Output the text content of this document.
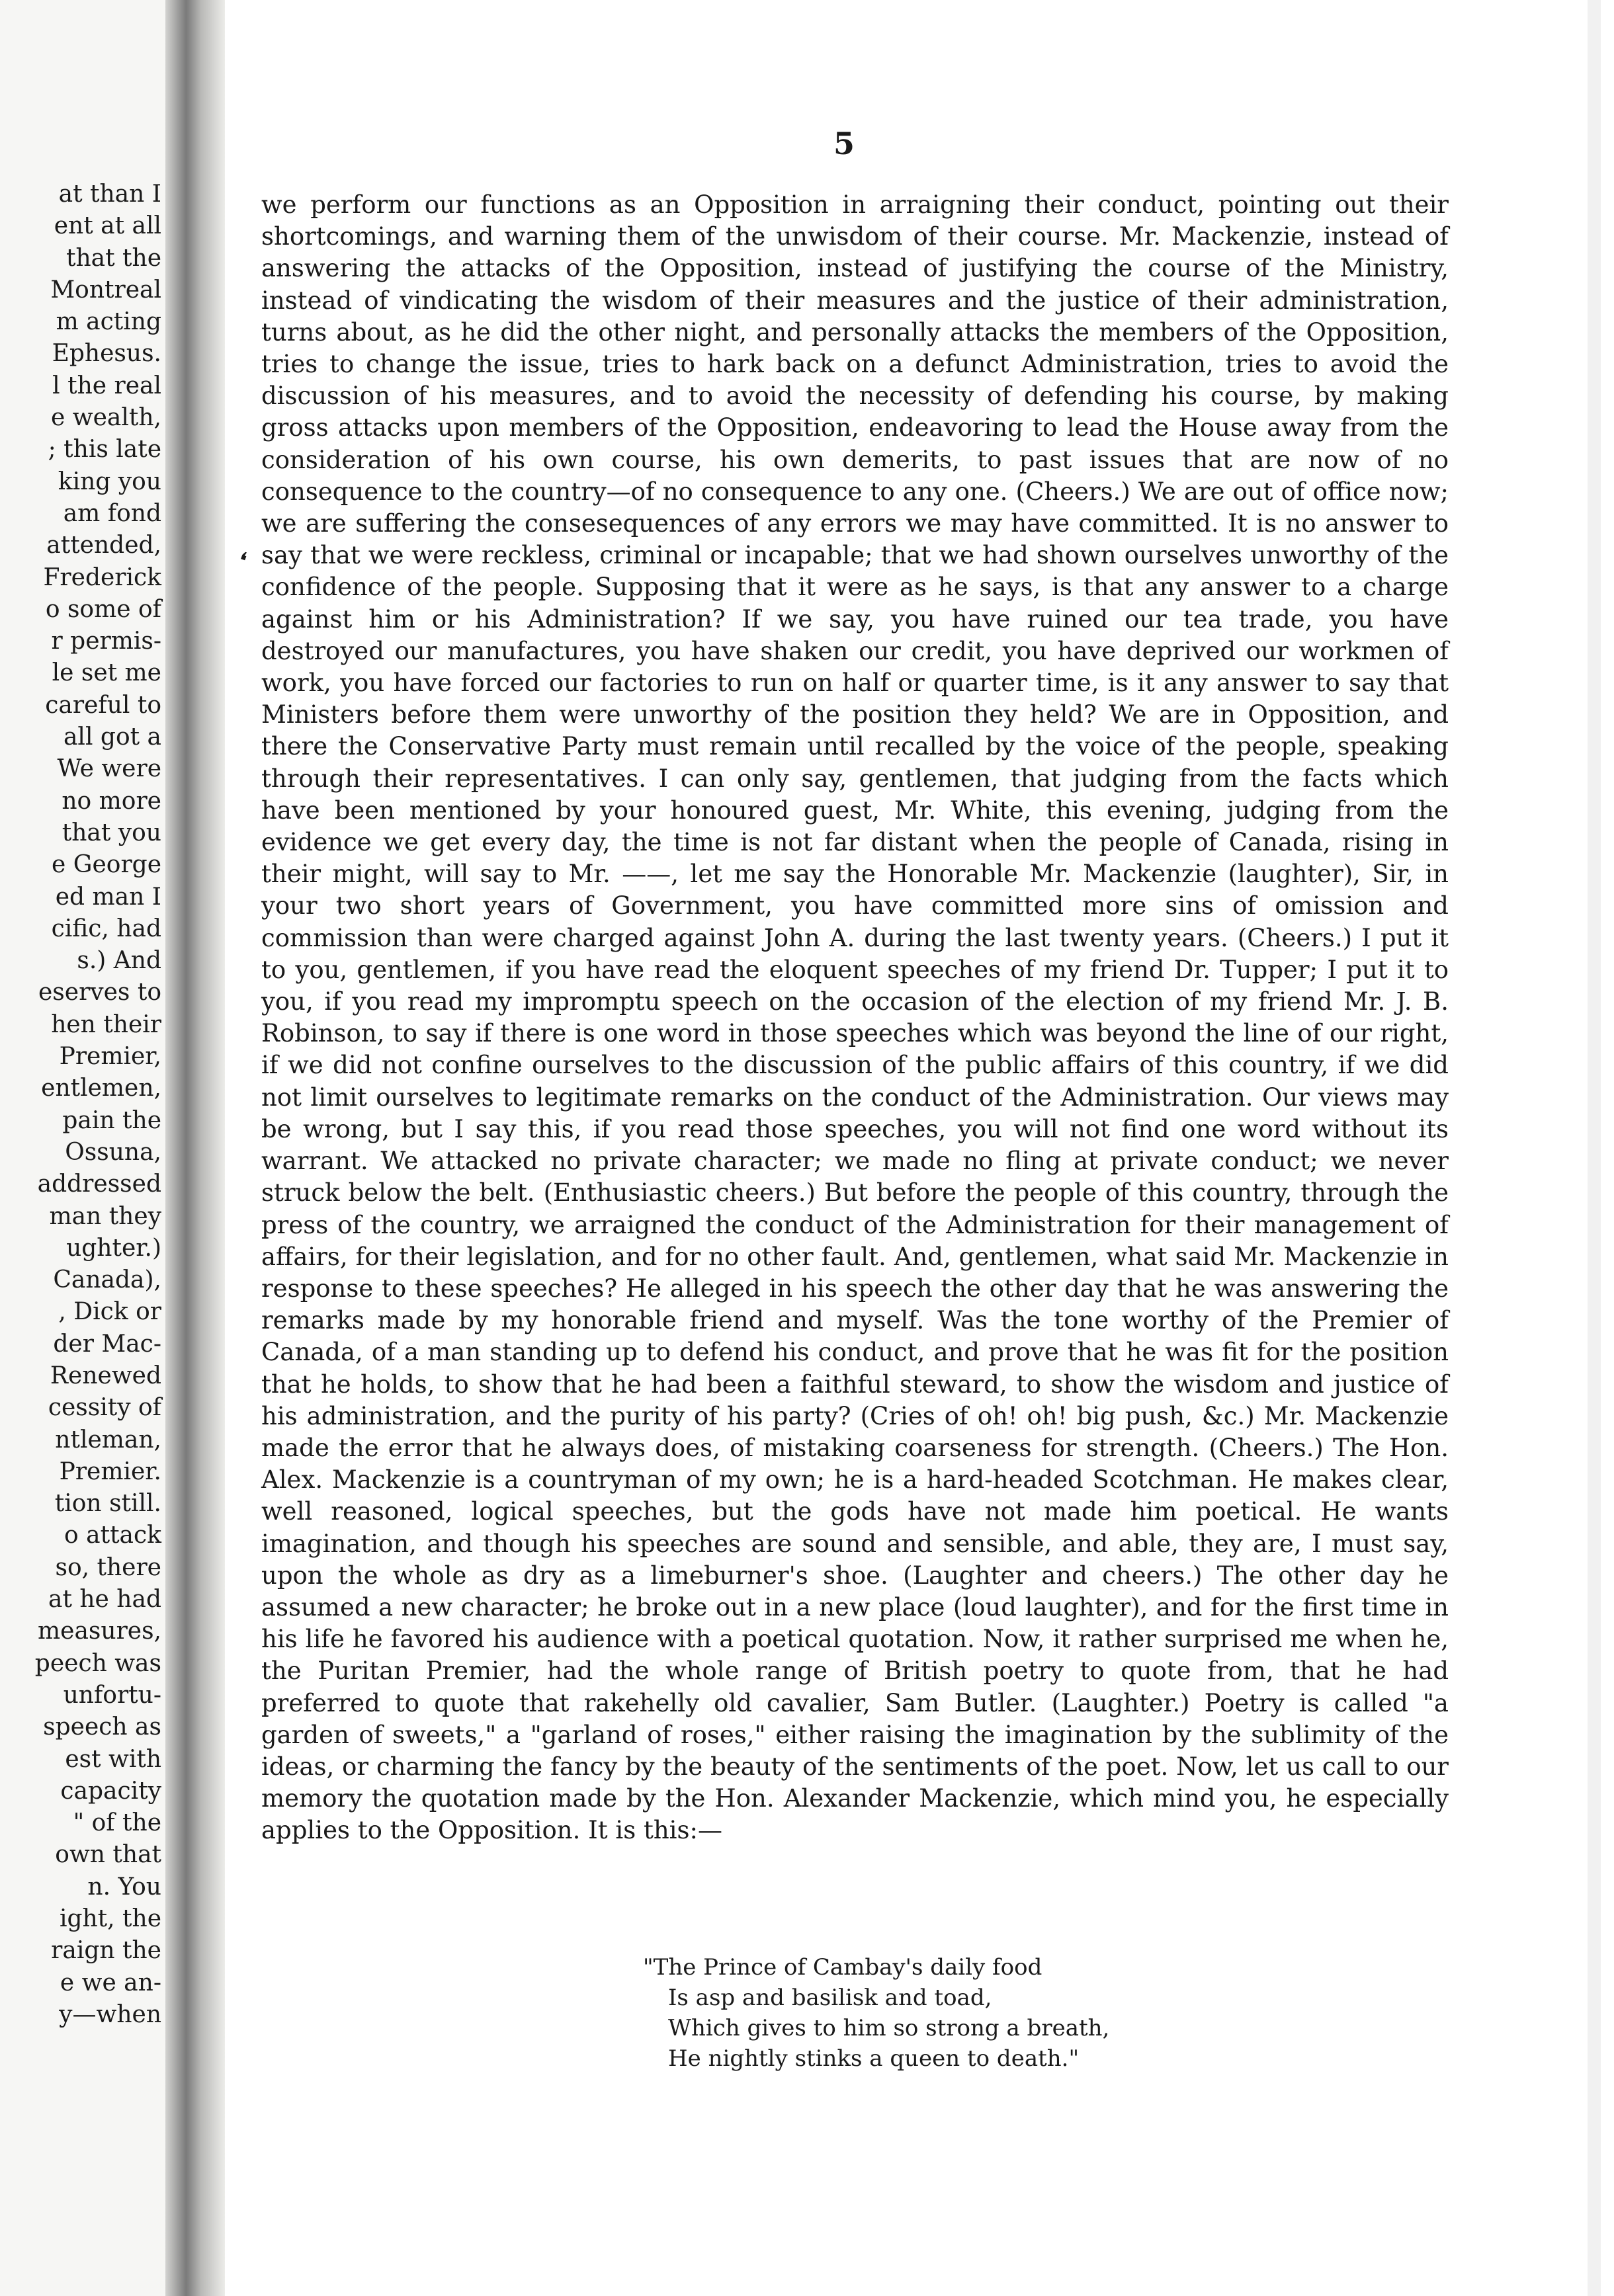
at than I
ent at all
that the
Montreal
m acting
Ephesus.
l the real
e wealth,
; this late
king you
am fond
attended,
Frederick
o some of
r permis-
le set me
careful to
all got a
We were
no more
that you
e George
ed man I
cific, had
s.) And
eserves to
hen their
Premier,
entlemen,
pain the
Ossuna,
addressed
man they
ughter.)
Canada),
, Dick or
der Mac-
Renewed
cessity of
ntleman,
Premier.
tion still.
o attack
so, there
at he had
measures,
peech was
unfortu-
speech as
est with
capacity
" of the
own that
n. You
ight, the
raign the
e we an-
y—when
5
❛

we perform our functions as an Opposition in arraigning their conduct, pointing out their shortcomings, and warning them of the unwisdom of their course. Mr. Mackenzie, instead of answering the attacks of the Opposition, instead of justifying the course of the Ministry, instead of vindicating the wisdom of their measures and the justice of their administration, turns about, as he did the other night, and personally attacks the members of the Opposition, tries to change the issue, tries to hark back on a defunct Administration, tries to avoid the discussion of his measures, and to avoid the necessity of defending his course, by making gross attacks upon members of the Opposition, endeavoring to lead the House away from the consideration of his own course, his own demerits, to past issues that are now of no consequence to the country—of no consequence to any one. (Cheers.) We are out of office now; we are suffering the consesequences of any errors we may have committed. It is no answer to say that we were reckless, criminal or incapable; that we had shown ourselves unworthy of the confidence of the people. Supposing that it were as he says, is that any answer to a charge against him or his Administration? If we say, you have ruined our tea trade, you have destroyed our manufactures, you have shaken our credit, you have deprived our workmen of work, you have forced our factories to run on half or quarter time, is it any answer to say that Ministers before them were unworthy of the position they held? We are in Opposition, and there the Conservative Party must remain until recalled by the voice of the people, speaking through their representatives. I can only say, gentlemen, that judging from the facts which have been mentioned by your honoured guest, Mr. White, this evening, judging from the evidence we get every day, the time is not far distant when the people of Canada, rising in their might, will say to Mr. ——, let me say the Honorable Mr. Mackenzie (laughter), Sir, in your two short years of Government, you have committed more sins of omission and commission than were charged against John A. during the last twenty years. (Cheers.) I put it to you, gentlemen, if you have read the eloquent speeches of my friend Dr. Tupper; I put it to you, if you read my impromptu speech on the occasion of the election of my friend Mr. J. B. Robinson, to say if there is one word in those speeches which was beyond the line of our right, if we did not confine ourselves to the discussion of the public affairs of this country, if we did not limit ourselves to legitimate remarks on the conduct of the Administration. Our views may be wrong, but I say this, if you read those speeches, you will not find one word without its warrant. We attacked no private character; we made no fling at private conduct; we never struck below the belt. (Enthusiastic cheers.) But before the people of this country, through the press of the country, we arraigned the conduct of the Administration for their management of affairs, for their legislation, and for no other fault. And, gentlemen, what said Mr. Mackenzie in response to these speeches? He alleged in his speech the other day that he was answering the remarks made by my honorable friend and myself. Was the tone worthy of the Premier of Canada, of a man standing up to defend his conduct, and prove that he was fit for the position that he holds, to show that he had been a faithful steward, to show the wisdom and justice of his administration, and the purity of his party? (Cries of oh! oh! big push, &c.) Mr. Mackenzie made the error that he always does, of mistaking coarseness for strength. (Cheers.) The Hon. Alex. Mackenzie is a countryman of my own; he is a hard-headed Scotchman. He makes clear, well reasoned, logical speeches, but the gods have not made him poetical. He wants imagination, and though his speeches are sound and sensible, and able, they are, I must say, upon the whole as dry as a limeburner's shoe. (Laughter and cheers.) The other day he assumed a new character; he broke out in a new place (loud laughter), and for the first time in his life he favored his audience with a poetical quotation. Now, it rather surprised me when he, the Puritan Premier, had the whole range of British poetry to quote from, that he had preferred to quote that rakehelly old cavalier, Sam Butler. (Laughter.) Poetry is called "a garden of sweets," a "garland of roses," either raising the imagination by the sublimity of the ideas, or charming the fancy by the beauty of the sentiments of the poet. Now, let us call to our memory the quotation made by the Hon. Alexander Mackenzie, which mind you, he especially applies to the Opposition. It is this:—

"The Prince of Cambay's daily food
Is asp and basilisk and toad,
Which gives to him so strong a breath,
He nightly stinks a queen to death."
